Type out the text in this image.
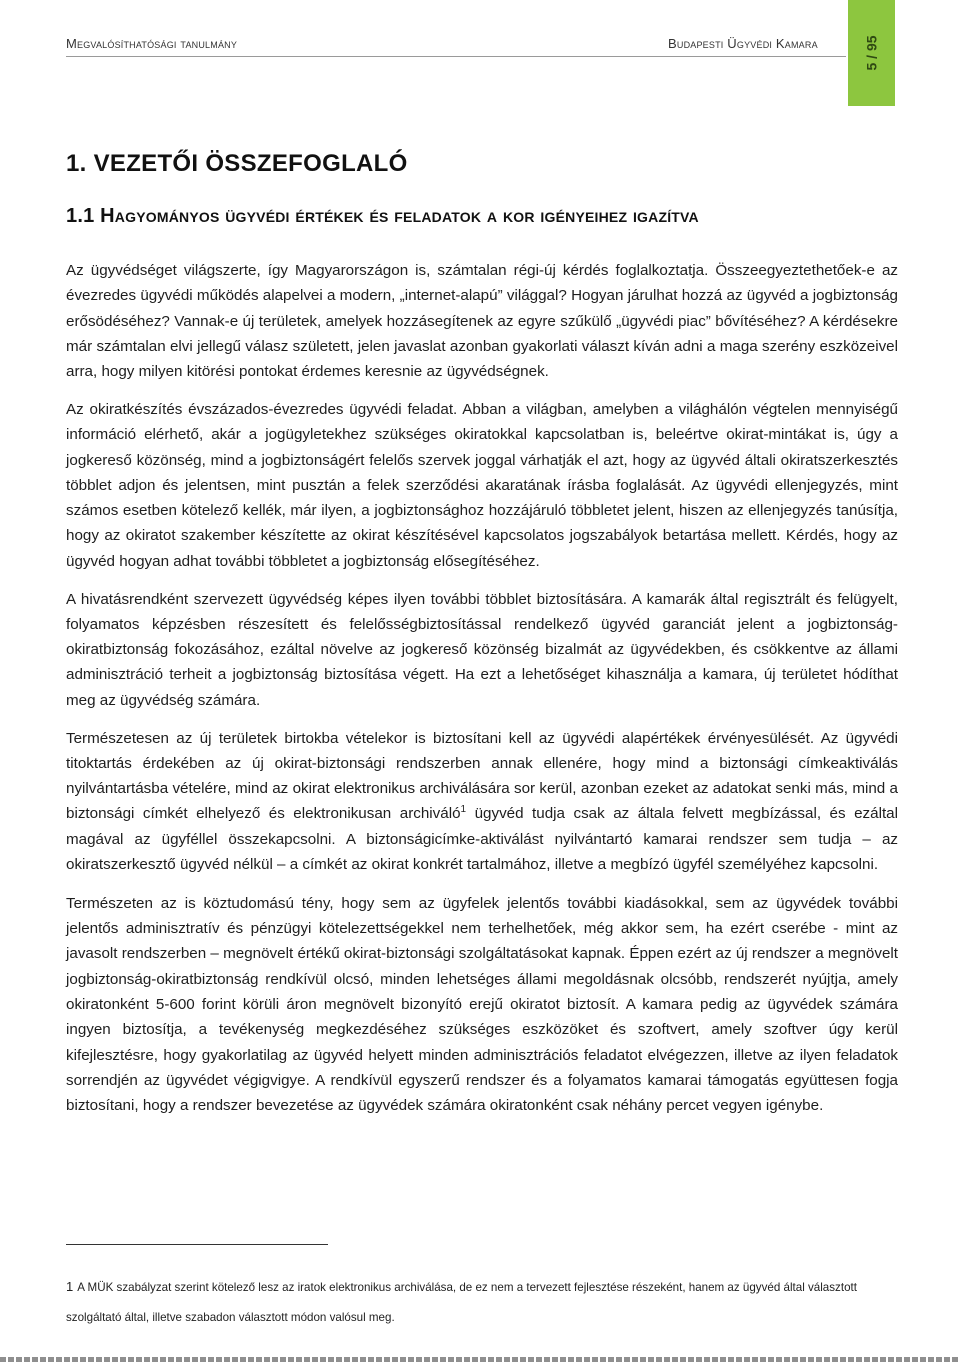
Megvalósíthatósági tanulmány	Budapesti Ügyvédi Kamara	5 / 95
1. VEZETŐI ÖSSZEFOGLALÓ
1.1 Hagyományos ügyvédi értékek és feladatok a kor igényeihez igazítva

Az ügyvédséget világszerte, így Magyarországon is, számtalan régi-új kérdés foglalkoztatja. Összeegyeztethetőek-e az évezredes ügyvédi működés alapelvei a modern, „internet-alapú” világgal? Hogyan járulhat hozzá az ügyvéd a jogbiztonság erősödéséhez? Vannak-e új területek, amelyek hozzásegítenek az egyre szűkülő „ügyvédi piac” bővítéséhez? A kérdésekre már számtalan elvi jellegű válasz született, jelen javaslat azonban gyakorlati választ kíván adni a maga szerény eszközeivel arra, hogy milyen kitörési pontokat érdemes keresnie az ügyvédségnek.

Az okiratkészítés évszázados-évezredes ügyvédi feladat. Abban a világban, amelyben a világhálón végtelen mennyiségű információ elérhető, akár a jogügyletekhez szükséges okiratokkal kapcsolatban is, beleértve okirat-mintákat is, úgy a jogkereső közönség, mind a jogbiztonságért felelős szervek joggal várhatják el azt, hogy az ügyvéd általi okiratszerkesztés többlet adjon és jelentsen, mint pusztán a felek szerződési akaratának írásba foglalását. Az ügyvédi ellenjegyzés, mint számos esetben kötelező kellék, már ilyen, a jogbiztonsághoz hozzájáruló többletet jelent, hiszen az ellenjegyzés tanúsítja, hogy az okiratot szakember készítette az okirat készítésével kapcsolatos jogszabályok betartása mellett. Kérdés, hogy az ügyvéd hogyan adhat további többletet a jogbiztonság elősegítéséhez.

A hivatásrendként szervezett ügyvédség képes ilyen további többlet biztosítására. A kamarák által regisztrált és felügyelt, folyamatos képzésben részesített és felelősségbiztosítással rendelkező ügyvéd garanciát jelent a jogbiztonság-okiratbiztonság fokozásához, ezáltal növelve az jogkereső közönség bizalmát az ügyvédekben, és csökkentve az állami adminisztráció terheit a jogbiztonság biztosítása végett. Ha ezt a lehetőséget kihasználja a kamara, új területet hódíthat meg az ügyvédség számára.

Természetesen az új területek birtokba vételekor is biztosítani kell az ügyvédi alapértékek érvényesülését. Az ügyvédi titoktartás érdekében az új okirat-biztonsági rendszerben annak ellenére, hogy mind a biztonsági címkeaktiválás nyilvántartásba vételére, mind az okirat elektronikus archiválására sor kerül, azonban ezeket az adatokat senki más, mind a biztonsági címkét elhelyező és elektronikusan archiváló$^1$ ügyvéd tudja csak az általa felvett megbízással, és ezáltal magával az ügyféllel összekapcsolni. A biztonságicímke-aktiválást nyilvántartó kamarai rendszer sem tudja – az okiratszerkesztő ügyvéd nélkül – a címkét az okirat konkrét tartalmához, illetve a megbízó ügyfél személyéhez kapcsolni.

Természeten az is köztudomású tény, hogy sem az ügyfelek jelentős további kiadásokkal, sem az ügyvédek további jelentős adminisztratív és pénzügyi kötelezettségekkel nem terhelhetőek, még akkor sem, ha ezért cserébe - mint az javasolt rendszerben – megnövelt értékű okirat-biztonsági szolgáltatásokat kapnak. Éppen ezért az új rendszer a megnövelt jogbiztonság-okiratbiztonság rendkívül olcsó, minden lehetséges állami megoldásnak olcsóbb, rendszerét nyújtja, amely okiratonként 5-600 forint körüli áron megnövelt bizonyító erejű okiratot biztosít. A kamara pedig az ügyvédek számára ingyen biztosítja, a tevékenység megkezdéséhez szükséges eszközöket és szoftvert, amely szoftver úgy kerül kifejlesztésre, hogy gyakorlatilag az ügyvéd helyett minden adminisztrációs feladatot elvégezzen, illetve az ilyen feladatok sorrendjén az ügyvédet végigvigye. A rendkívül egyszerű rendszer és a folyamatos kamarai támogatás együttesen fogja biztosítani, hogy a rendszer bevezetése az ügyvédek számára okiratonként csak néhány percet vegyen igénybe.

1 A MÜK szabályzat szerint kötelező lesz az iratok elektronikus archiválása, de ez nem a tervezett fejlesztése részeként, hanem az ügyvéd által választott szolgáltató által, illetve szabadon választott módon valósul meg.
